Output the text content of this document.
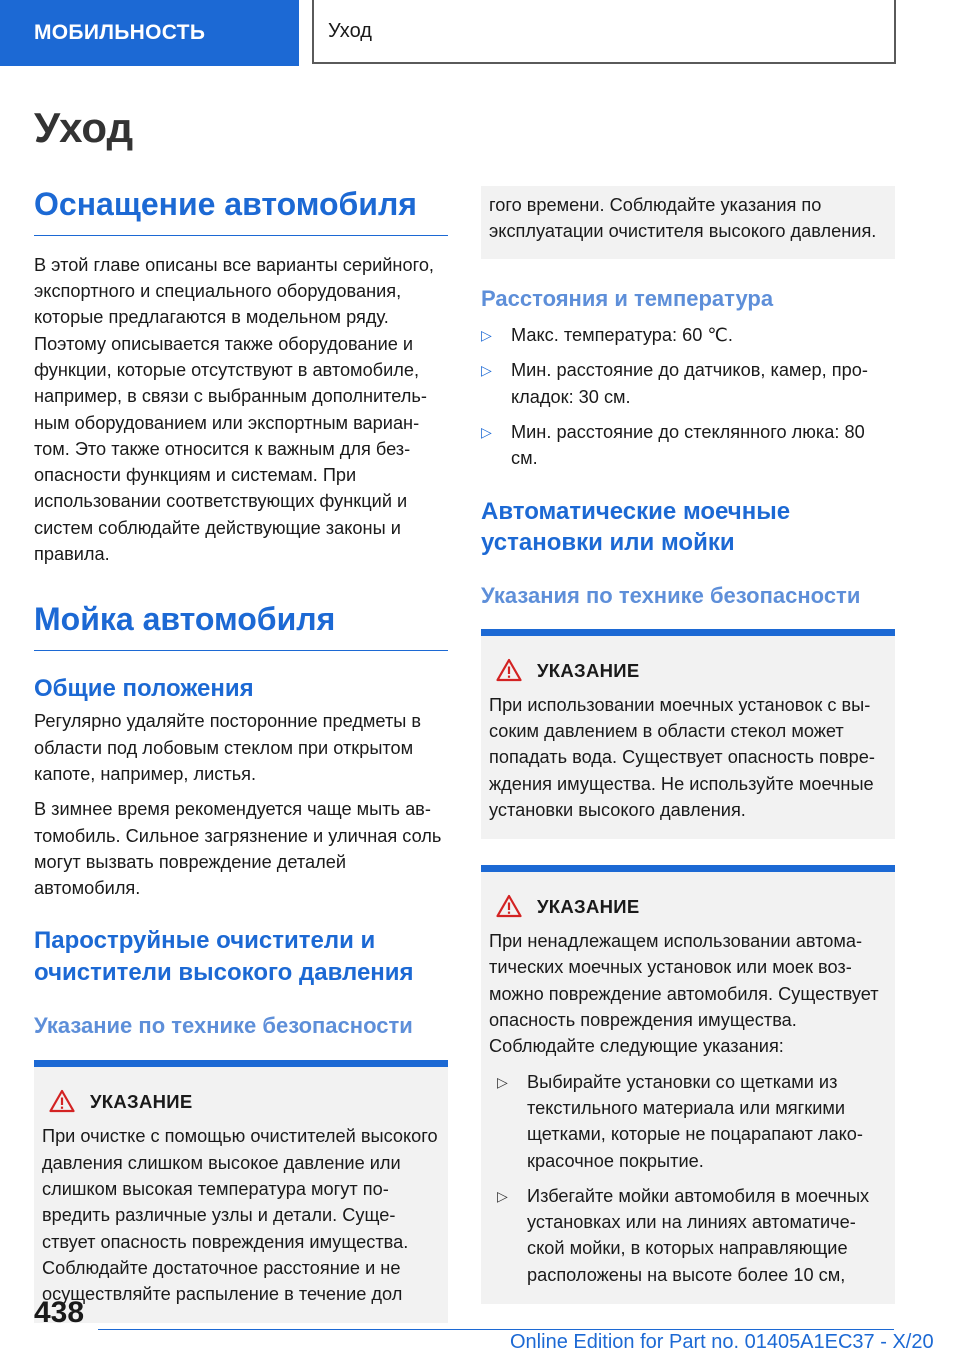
МОБИЛЬНОСТЬ	Уход
Уход
Оснащение автомобиля

В этой главе описаны все варианты серийного, экспортного и специального оборудования, которые предлагаются в модельном ряду. Поэтому описывается также оборудование и функции, которые отсутствуют в автомобиле, например, в связи с выбранным дополнительным оборудованием или экспортным вариантом. Это также относится к важным для безопасности функциям и системам. При использовании соответствующих функций и систем соблюдайте действующие законы и правила.

Мойка автомобиля
Общие положения

Регулярно удаляйте посторонние предметы в области под лобовым стеклом при открытом капоте, например, листья.

В зимнее время рекомендуется чаще мыть автомобиль. Сильное загрязнение и уличная соль могут вызвать повреждение деталей автомобиля.

Пароструйные очистители и очистители высокого давления
Указание по технике безопасности
УКАЗАНИЕ

При очистке с помощью очистителей высокого давления слишком высокое давление или слишком высокая температура могут повредить различные узлы и детали. Существует опасность повреждения имущества. Соблюдайте достаточное расстояние и не осуществляйте распыление в течение дол

гого времени. Соблюдайте указания по эксплуатации очистителя высокого давления.

Расстояния и температура
▷	Макс. температура: 60 ℃.
▷	Мин. расстояние до датчиков, камер, прокладок: 30 см.
▷	Мин. расстояние до стеклянного люка: 80 см.
Автоматические моечные установки или мойки
Указания по технике безопасности
УКАЗАНИЕ

При использовании моечных установок с высоким давлением в области стекол может попадать вода. Существует опасность повреждения имущества. Не используйте моечные установки высокого давления.

УКАЗАНИЕ

При ненадлежащем использовании автоматических моечных установок или моек возможно повреждение автомобиля. Существует опасность повреждения имущества. Соблюдайте следующие указания:

▷	Выбирайте установки со щетками из текстильного материала или мягкими щетками, которые не поцарапают лакокрасочное покрытие.
▷	Избегайте мойки автомобиля в моечных установках или на линиях автоматической мойки, в которых направляющие расположены на высоте более 10 см,
438
Online Edition for Part no. 01405A1EC37 - X/20
